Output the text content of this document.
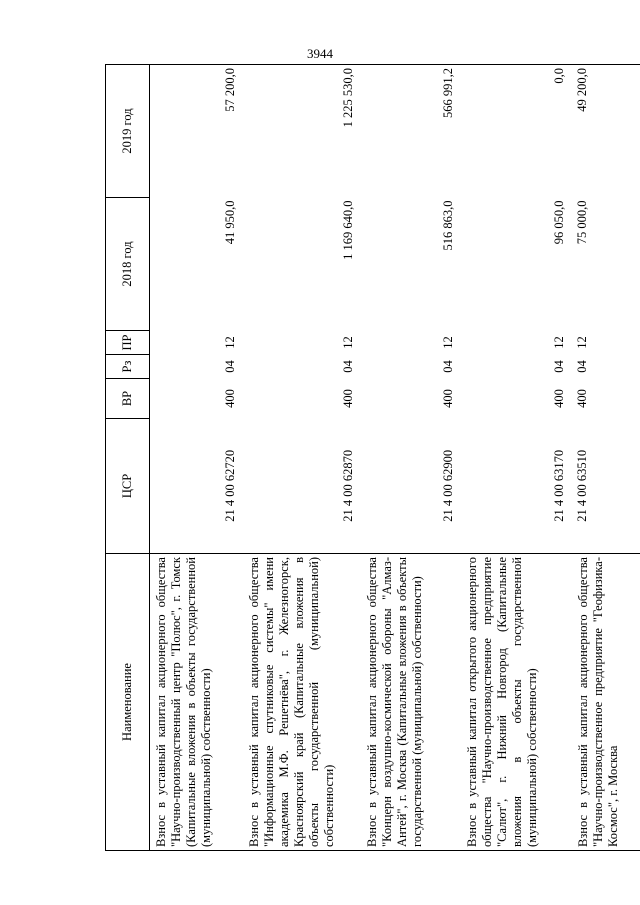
3944
Наименование	ЦСР	ВР	Рз	ПР	2018 год	2019 год
Взнос в уставный капитал акционерного общества "Научно-производственный центр "Полюс", г. Томск (Капитальные вложения в объекты государственной (муниципальной) собственности)	21 4 00 62720	400	04	12	41 950,0	57 200,0
Взнос в уставный капитал акционерного общества "Информационные спутниковые системы" имени академика М.Ф. Решетнёва", г. Железногорск, Красноярский край (Капитальные вложения в объекты государственной (муниципальной) собственности)	21 4 00 62870	400	04	12	1 169 640,0	1 225 530,0
Взнос в уставный капитал акционерного общества "Концерн воздушно-космической обороны "Алмаз-Антей", г. Москва (Капитальные вложения в объекты государственной (муниципальной) собственности)	21 4 00 62900	400	04	12	516 863,0	566 991,2
Взнос в уставный капитал открытого акционерного общества "Научно-производственное предприятие "Салют", г. Нижний Новгород (Капитальные вложения в объекты государственной (муниципальной) собственности)	21 4 00 63170	400	04	12	96 050,0	0,0
Взнос в уставный капитал акционерного общества "Научно-производственное предприятие "Геофизика-Космос", г. Москва	21 4 00 63510	400	04	12	75 000,0	49 200,0
